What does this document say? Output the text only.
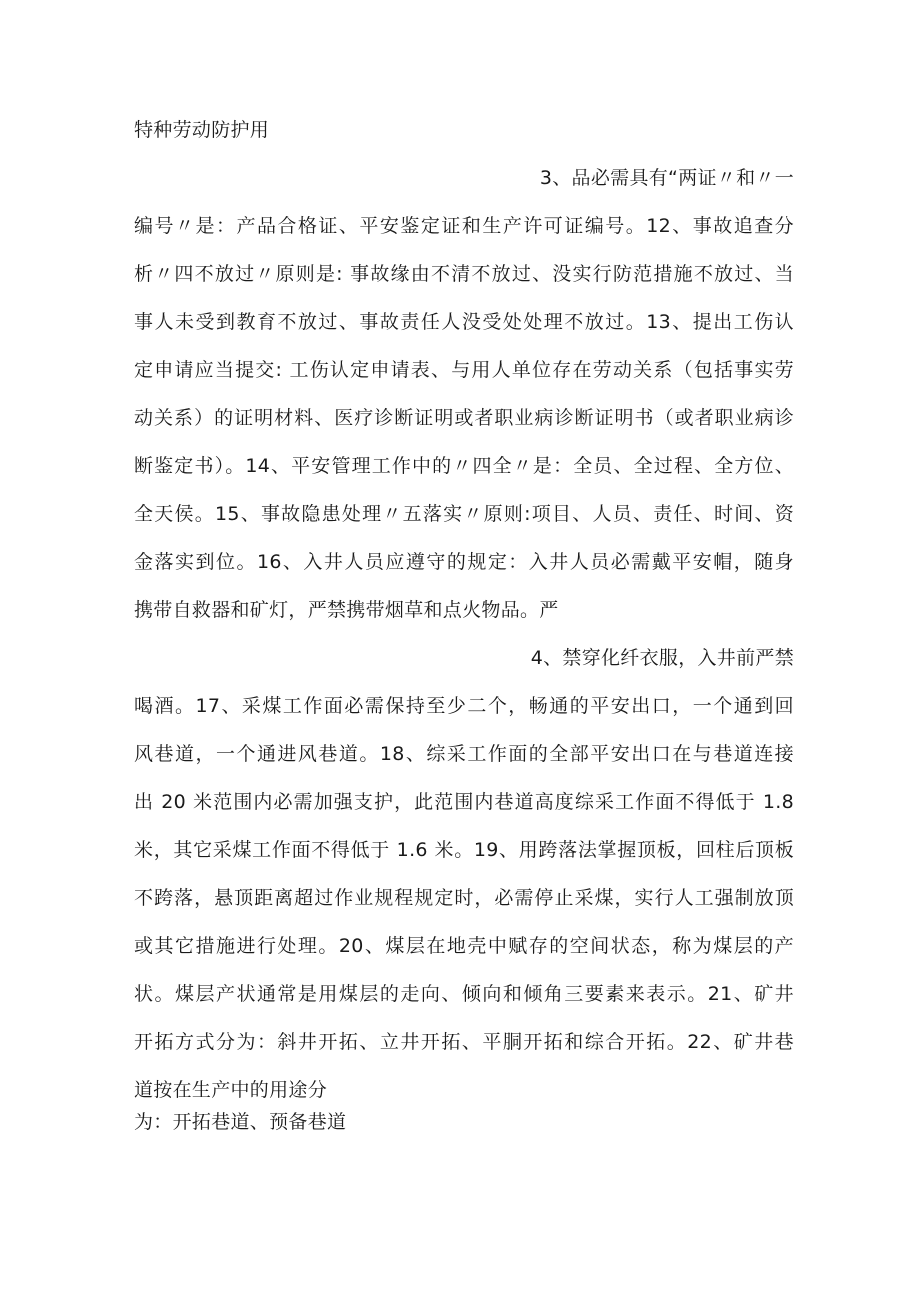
特种劳动防护用
3、品必需具有“两证〃和〃一
编号〃是：产品合格证、平安鉴定证和生产许可证编号。12、事故追查分
析〃四不放过〃原则是: 事故缘由不清不放过、没实行防范措施不放过、当
事人未受到教育不放过、事故责任人没受处处理不放过。13、提出工伤认
定申请应当提交: 工伤认定申请表、与用人单位存在劳动关系（包括事实劳
动关系）的证明材料、医疗诊断证明或者职业病诊断证明书（或者职业病诊
断鉴定书）。14、平安管理工作中的〃四全〃是：全员、全过程、全方位、
全天侯。15、事故隐患处理〃五落实〃原则:项目、人员、责任、时间、资
金落实到位。16、入井人员应遵守的规定：入井人员必需戴平安帽，随身
携带自救器和矿灯，严禁携带烟草和点火物品。严
4、禁穿化纤衣服，入井前严禁
喝酒。17、采煤工作面必需保持至少二个，畅通的平安出口，一个通到回
风巷道，一个通进风巷道。18、综采工作面的全部平安出口在与巷道连接
出 20 米范围内必需加强支护，此范围内巷道高度综采工作面不得低于 1.8
米，其它采煤工作面不得低于 1.6 米。19、用跨落法掌握顶板，回柱后顶板
不跨落，悬顶距离超过作业规程规定时，必需停止采煤，实行人工强制放顶
或其它措施进行处理。20、煤层在地壳中赋存的空间状态，称为煤层的产
状。煤层产状通常是用煤层的走向、倾向和倾角三要素来表示。21、矿井
开拓方式分为：斜井开拓、立井开拓、平胴开拓和综合开拓。22、矿井巷
道按在生产中的用途分
为：开拓巷道、预备巷道
